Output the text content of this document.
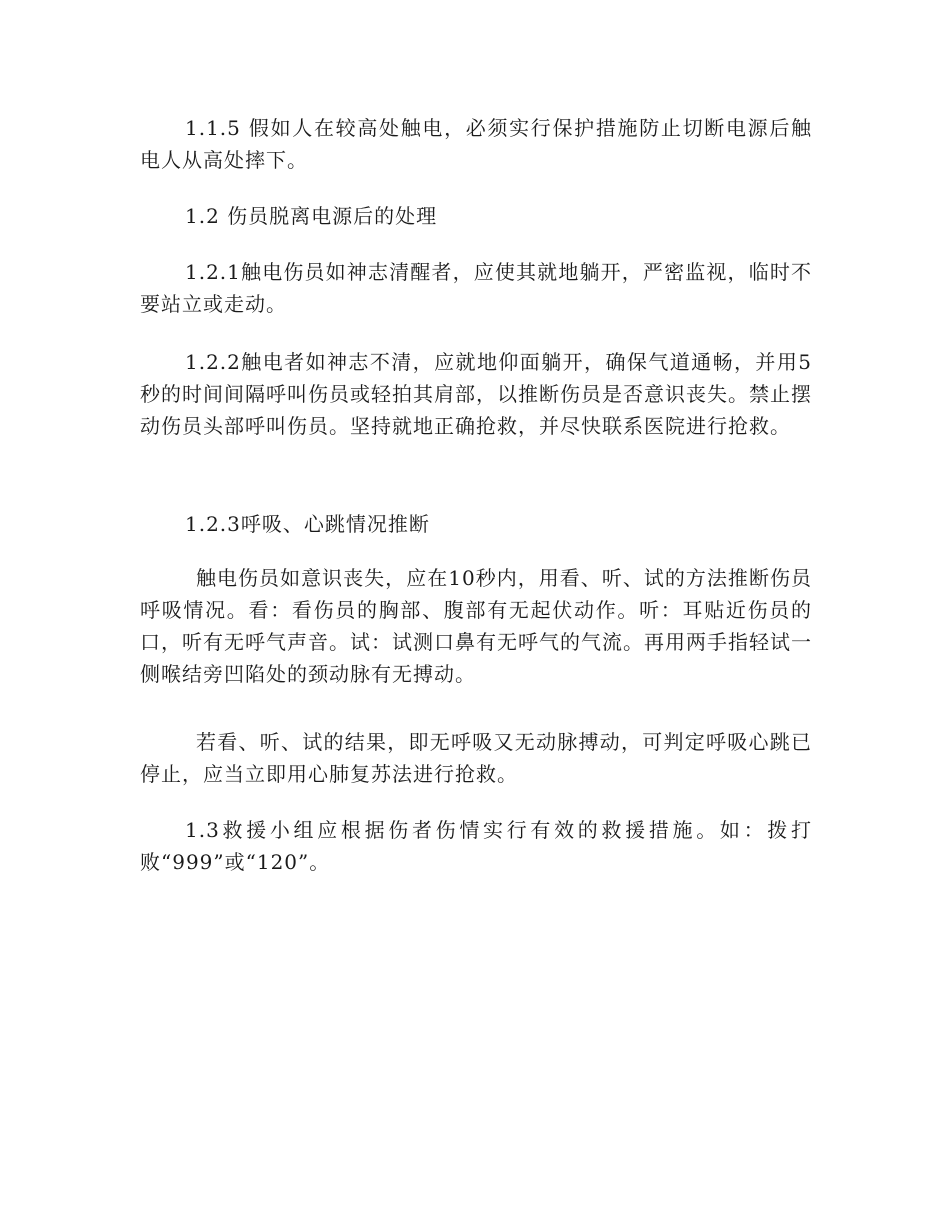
1.1.5 假如人在较高处触电，必须实行保护措施防止切断电源后触电人从高处摔下。

1.2 伤员脱离电源后的处理

1.2.1触电伤员如神志清醒者，应使其就地躺开，严密监视，临时不要站立或走动。

1.2.2触电者如神志不清，应就地仰面躺开，确保气道通畅，并用5秒的时间间隔呼叫伤员或轻拍其肩部，以推断伤员是否意识丧失。禁止摆动伤员头部呼叫伤员。坚持就地正确抢救，并尽快联系医院进行抢救。

1.2.3呼吸、心跳情况推断

触电伤员如意识丧失，应在10秒内，用看、听、试的方法推断伤员呼吸情况。看：看伤员的胸部、腹部有无起伏动作。听：耳贴近伤员的口，听有无呼气声音。试：试测口鼻有无呼气的气流。再用两手指轻试一侧喉结旁凹陷处的颈动脉有无搏动。

若看、听、试的结果，即无呼吸又无动脉搏动，可判定呼吸心跳已停止，应当立即用心肺复苏法进行抢救。

1.3救援小组应根据伤者伤情实行有效的救援措施。如：拨打败“999”或“120”。
